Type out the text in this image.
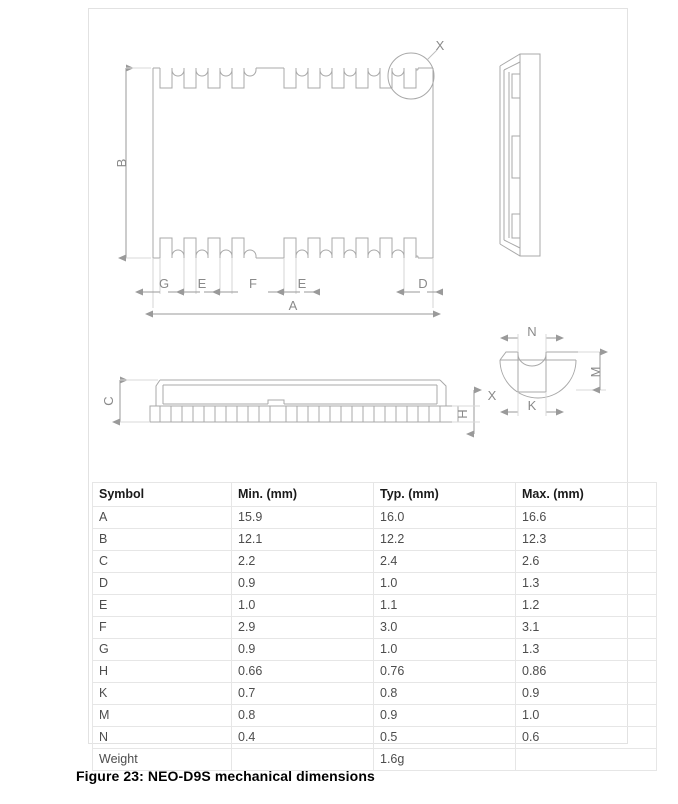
B
A
G E	F	E	D
X
C
H
X
N
K
M
Symbol	Min. (mm)	Typ. (mm)	Max. (mm)
A	15.9	16.0	16.6
B	12.1	12.2	12.3
C	2.2	2.4	2.6
D	0.9	1.0	1.3
E	1.0	1.1	1.2
F	2.9	3.0	3.1
G	0.9	1.0	1.3
H	0.66	0.76	0.86
K	0.7	0.8	0.9
M	0.8	0.9	1.0
N	0.4	0.5	0.6
Weight		1.6g	
Figure 23: NEO-D9S mechanical dimensions
